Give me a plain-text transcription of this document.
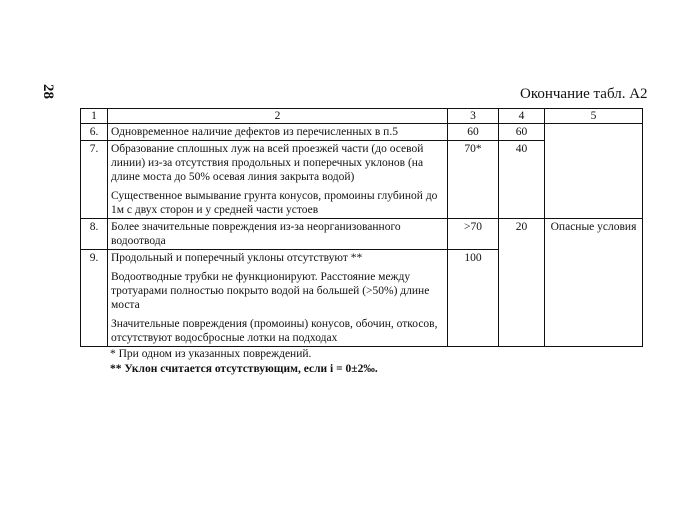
28	Окончание табл. А2
1	2	3	4	5
6.	Одновременное наличие дефектов из перечисленных в п.5	60	60	
7.	Образование сплошных луж на всей проезжей части (до осевой линии) из-за отсутствия продольных и поперечных уклонов (на длине моста до 50% осевая линия закрыта водой)
Существенное вымывание грунта конусов, промоины глубиной до 1м с двух сторон и у средней части устоев	70*	40	
8.	Более значительные повреждения из-за неорганизованного водоотвода	>70	20	Опасные условия
9.	Продольный и поперечный уклоны отсутствуют **
Водоотводные трубки не функционируют. Расстояние между тротуарами полностью покрыто водой на большей (>50%) длине моста
Значительные повреждения (промоины) конусов, обочин, откосов, отсутствуют водосбросные лотки на подходах	100		
* При одном из указанных повреждений.
** Уклон считается отсутствующим, если i = 0±2‰.
